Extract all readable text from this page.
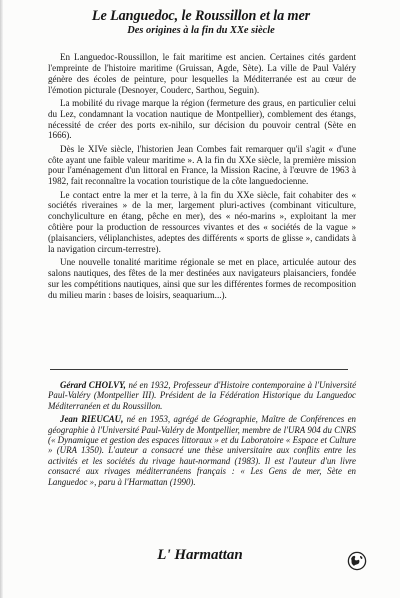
Le Languedoc, le Roussillon et la mer

Des origines à la fin du XXe siècle

En Languedoc-Roussillon, le fait maritime est ancien. Certaines cités gardent l'empreinte de l'histoire maritime (Gruissan, Agde, Sète). La ville de Paul Valéry génère des écoles de peinture, pour lesquelles la Méditerranée est au cœur de l'émotion picturale (Desnoyer, Couderc, Sarthou, Seguin).

La mobilité du rivage marque la région (fermeture des graus, en particulier celui du Lez, condamnant la vocation nautique de Montpellier), comblement des étangs, nécessité de créer des ports ex-nihilo, sur décision du pouvoir central (Sète en 1666).

Dès le XIVe siècle, l'historien Jean Combes fait remarquer qu'il s'agit « d'une côte ayant une faible valeur maritime ». A la fin du XXe siècle, la première mission pour l'aménagement d'un littoral en France, la Mission Racine, à l'œuvre de 1963 à 1982, fait reconnaître la vocation touristique de la côte languedocienne.

Le contact entre la mer et la terre, à la fin du XXe siècle, fait cohabiter des « sociétés riveraines » de la mer, largement pluri-actives (combinant viticulture, conchyliculture en étang, pêche en mer), des « néo-marins », exploitant la mer côtière pour la production de ressources vivantes et des « sociétés de la vague » (plaisanciers, véliplanchistes, adeptes des différents « sports de glisse », candidats à la navigation circum-terrestre).

Une nouvelle tonalité maritime régionale se met en place, articulée autour des salons nautiques, des fêtes de la mer destinées aux navigateurs plaisanciers, fondée sur les compétitions nautiques, ainsi que sur les différentes formes de recomposition du milieu marin : bases de loisirs, seaquarium...).

Gérard CHOLVY, né en 1932, Professeur d'Histoire contemporaine à l'Université Paul-Valéry (Montpellier III). Président de la Fédération Historique du Languedoc Méditerranéen et du Roussillon.

Jean RIEUCAU, né en 1953, agrégé de Géographie, Maître de Conférences en géographie à l'Université Paul-Valéry de Montpellier, membre de l'URA 904 du CNRS (« Dynamique et gestion des espaces littoraux » et du Laboratoire « Espace et Culture » (URA 1350). L'auteur a consacré une thèse universitaire aux conflits entre les activités et les sociétés du rivage haut-normand (1983). Il est l'auteur d'un livre consacré aux rivages méditerranéens français : « Les Gens de mer, Sète en Languedoc », paru à l'Harmattan (1990).

L' Harmattan
